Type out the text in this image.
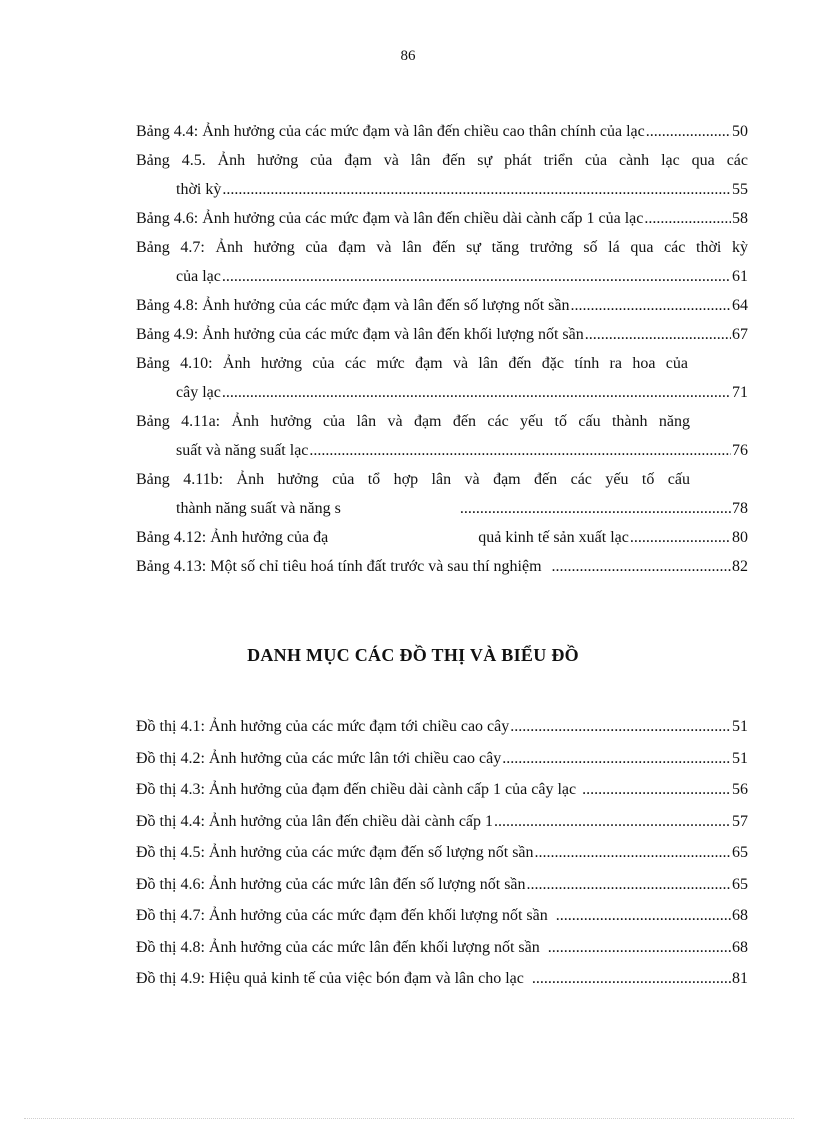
86
Bảng 4.4: Ảnh hưởng của các mức đạm và lân đến chiều cao thân chính của lạc .....	50
Bảng 4.5. Ảnh hưởng của đạm và lân đến sự phát triển của cành lạc qua các
thời kỳ .....	55
Bảng 4.6: Ảnh hưởng của các mức đạm và lân đến chiều dài cành cấp 1 của lạc .....	58
Bảng 4.7: Ảnh hưởng của đạm và lân đến sự tăng trưởng số lá qua các thời kỳ
của lạc .....	61
Bảng 4.8: Ảnh hưởng của các mức đạm và lân đến số lượng nốt sần .....	64
Bảng 4.9: Ảnh hưởng của các mức đạm và lân đến khối lượng nốt sần .....	67
Bảng 4.10: Ảnh hưởng của các mức đạm và lân đến đặc tính ra hoa của
cây lạc .....	71
Bảng 4.11a: Ảnh hưởng của lân và đạm đến các yếu tố cấu thành năng
suất và năng suất lạc .....	76
Bảng 4.11b: Ảnh hưởng của tổ hợp lân và đạm đến các yếu tố cấu
thành năng suất và năng s .....	78
Bảng 4.12: Ảnh hưởng của đạ	quả kinh tế sản xuất lạc .....	80
Bảng 4.13: Một số chỉ tiêu hoá tính đất trước và sau thí nghiệm .....	82
DANH MỤC CÁC ĐỒ THỊ VÀ BIỂU ĐỒ
Đồ thị 4.1: Ảnh hưởng của các mức đạm tới chiều cao cây .....	51
Đồ thị 4.2: Ảnh hưởng của các mức lân tới chiều cao cây .....	51
Đồ thị 4.3: Ảnh hưởng của đạm đến chiều dài cành cấp 1 của cây lạc .....	56
Đồ thị 4.4: Ảnh hưởng của lân đến chiều dài cành cấp 1 .....	57
Đồ thị 4.5: Ảnh hưởng của các mức đạm đến số lượng nốt sần .....	65
Đồ thị 4.6: Ảnh hưởng của các mức lân đến số lượng nốt sần .....	65
Đồ thị 4.7: Ảnh hưởng của các mức đạm đến khối lượng nốt sần .....	68
Đồ thị 4.8: Ảnh hưởng của các mức lân đến khối lượng nốt sần .....	68
Đồ thị 4.9: Hiệu quả kinh tế của việc bón đạm và lân cho lạc .....	81
